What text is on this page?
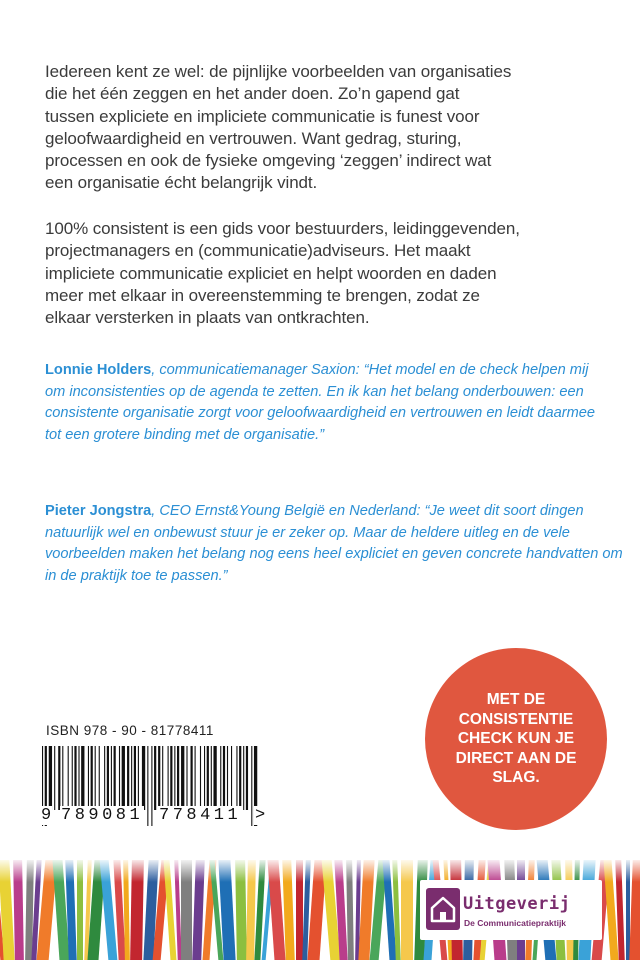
Iedereen kent ze wel: de pijnlijke voorbeelden van organisaties
die het één zeggen en het ander doen. Zo’n gapend gat
tussen expliciete en impliciete communicatie is funest voor
geloofwaardigheid en vertrouwen. Want gedrag, sturing,
processen en ook de fysieke omgeving ‘zeggen’ indirect wat
een organisatie écht belangrijk vindt.
100% consistent is een gids voor bestuurders, leidinggevenden,
projectmanagers en (communicatie)adviseurs. Het maakt
impliciete communicatie expliciet en helpt woorden en daden
meer met elkaar in overeenstemming te brengen, zodat ze
elkaar versterken in plaats van ontkrachten.

Lonnie Holders, communicatiemanager Saxion: “Het model en de check helpen mij om inconsistenties op de agenda te zetten. En ik kan het belang onderbouwen: een consistente organisatie zorgt voor geloofwaardigheid en vertrouwen en leidt daarmee tot een grotere binding met de organisatie.”

Pieter Jongstra, CEO Ernst&Young België en Nederland: “Je weet dit soort dingen natuurlijk wel en onbewust stuur je er zeker op. Maar de heldere uitleg en de vele voorbeelden maken het belang nog eens heel expliciet en geven concrete handvatten om in de praktijk toe te passen.”

ISBN 978 - 90 - 81778411
9 789081 778411 >
MET DE
CONSISTENTIE
CHECK KUN JE
DIRECT AAN DE
SLAG.
Uitgeverij
De Communicatiepraktijk
